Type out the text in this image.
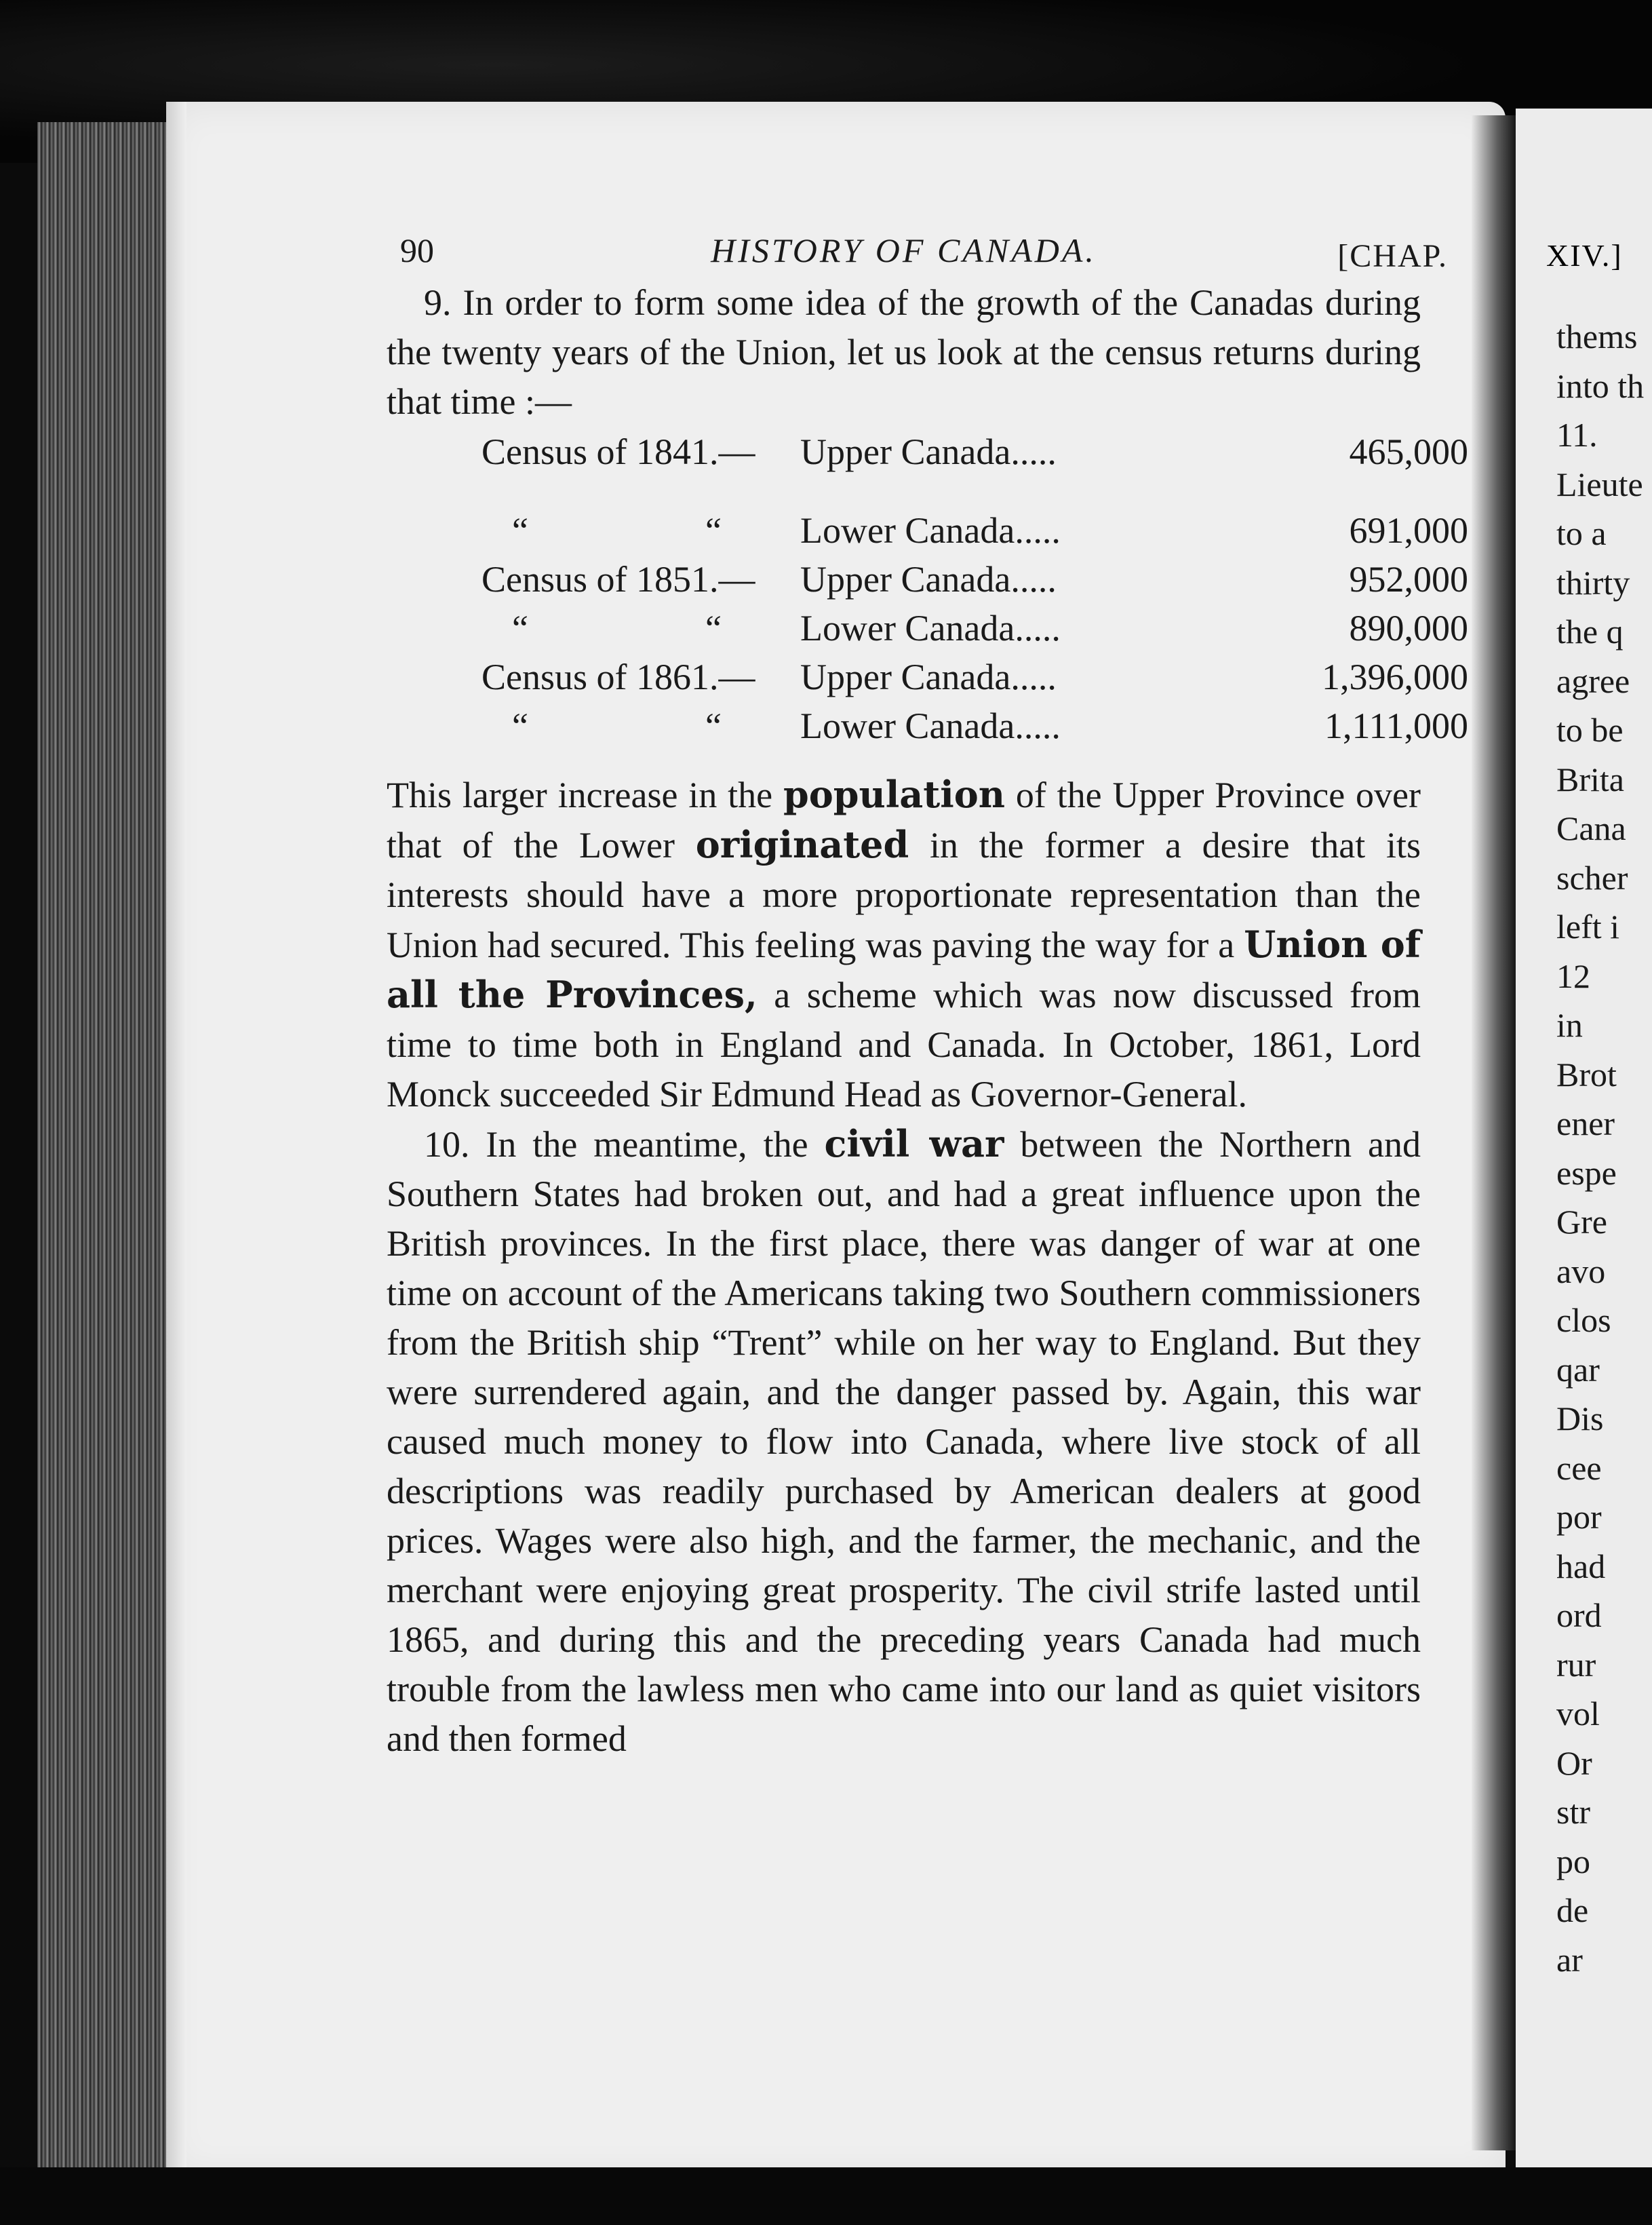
XIV.]
thems
into th
11.
Lieute
to a
thirty
the q
agree
to be
Brita
Cana
scher
left i
12
in
Brot
ener
espe
Gre
avo
clos
qar
Dis
cee
por
had
ord
rur
vol
Or
str
po
de
ar
90	HISTORY OF CANADA.	[CHAP.

9. In order to form some idea of the growth of the Canadas during the twenty years of the Union, let us look at the census returns during that time :—

Census of 1841.— Upper Canada.....	465,000
“	“ Lower Canada.....	691,000
Census of 1851.— Upper Canada.....	952,000
“	“ Lower Canada.....	890,000
Census of 1861.— Upper Canada.....	1,396,000
“	“ Lower Canada.....	1,111,000

This larger increase in the population of the Upper Province over that of the Lower originated in the former a desire that its interests should have a more proportionate representation than the Union had secured. This feeling was paving the way for a Union of all the Provinces, a scheme which was now discussed from time to time both in England and Canada. In October, 1861, Lord Monck succeeded Sir Edmund Head as Governor-General.

10. In the meantime, the civil war between the Northern and Southern States had broken out, and had a great influence upon the British provinces. In the first place, there was danger of war at one time on account of the Americans taking two Southern commissioners from the British ship “Trent” while on her way to England. But they were surrendered again, and the danger passed by. Again, this war caused much money to flow into Canada, where live stock of all descriptions was readily purchased by American dealers at good prices. Wages were also high, and the farmer, the mechanic, and the merchant were enjoying great prosperity. The civil strife lasted until 1865, and during this and the preceding years Canada had much trouble from the lawless men who came into our land as quiet visitors and then formed
